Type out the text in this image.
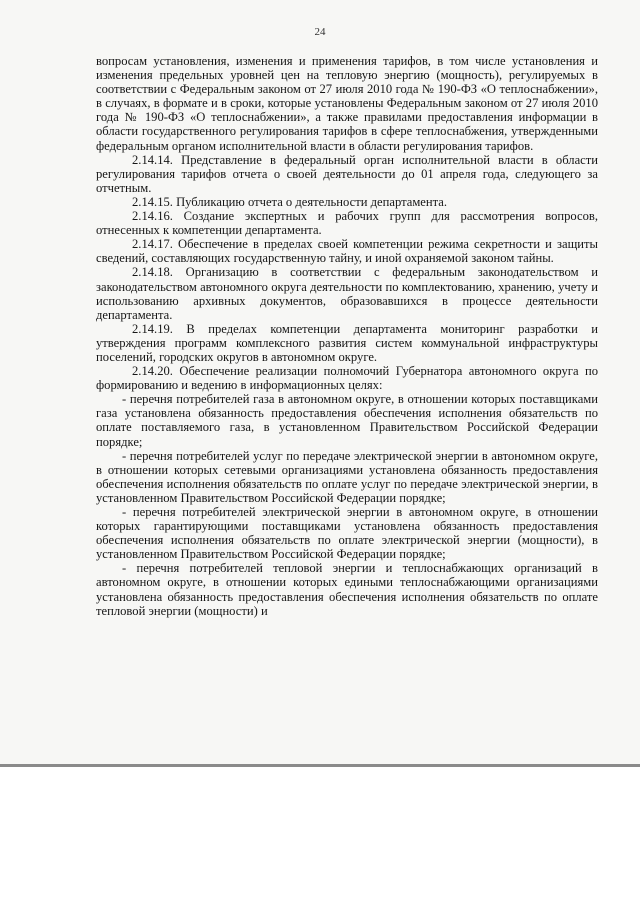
24

вопросам установления, изменения и применения тарифов, в том числе установления и изменения предельных уровней цен на тепловую энергию (мощность), регулируемых в соответствии с Федеральным законом от 27 июля 2010 года № 190-ФЗ «О теплоснабжении», в случаях, в формате и в сроки, которые установлены Федеральным законом от 27 июля 2010 года № 190-ФЗ «О теплоснабжении», а также правилами предоставления информации в области государственного регулирования тарифов в сфере теплоснабжения, утвержденными федеральным органом исполнительной власти в области регулирования тарифов.

2.14.14. Представление в федеральный орган исполнительной власти в области регулирования тарифов отчета о своей деятельности до 01 апреля года, следующего за отчетным.

2.14.15. Публикацию отчета о деятельности департамента.

2.14.16. Создание экспертных и рабочих групп для рассмотрения вопросов, отнесенных к компетенции департамента.

2.14.17. Обеспечение в пределах своей компетенции режима секретности и защиты сведений, составляющих государственную тайну, и иной охраняемой законом тайны.

2.14.18. Организацию в соответствии с федеральным законодательством и законодательством автономного округа деятельности по комплектованию, хранению, учету и использованию архивных документов, образовавшихся в процессе деятельности департамента.

2.14.19. В пределах компетенции департамента мониторинг разработки и утверждения программ комплексного развития систем коммунальной инфраструктуры поселений, городских округов в автономном округе.

2.14.20. Обеспечение реализации полномочий Губернатора автономного округа по формированию и ведению в информационных целях:

- перечня потребителей газа в автономном округе, в отношении которых поставщиками газа установлена обязанность предоставления обеспечения исполнения обязательств по оплате поставляемого газа, в установленном Правительством Российской Федерации порядке;

- перечня потребителей услуг по передаче электрической энергии в автономном округе, в отношении которых сетевыми организациями установлена обязанность предоставления обеспечения исполнения обязательств по оплате услуг по передаче электрической энергии, в установленном Правительством Российской Федерации порядке;

- перечня потребителей электрической энергии в автономном округе, в отношении которых гарантирующими поставщиками установлена обязанность предоставления обеспечения исполнения обязательств по оплате электрической энергии (мощности), в установленном Правительством Российской Федерации порядке;

- перечня потребителей тепловой энергии и теплоснабжающих организаций в автономном округе, в отношении которых едиными теплоснабжающими организациями установлена обязанность предоставления обеспечения исполнения обязательств по оплате тепловой энергии (мощности) и
